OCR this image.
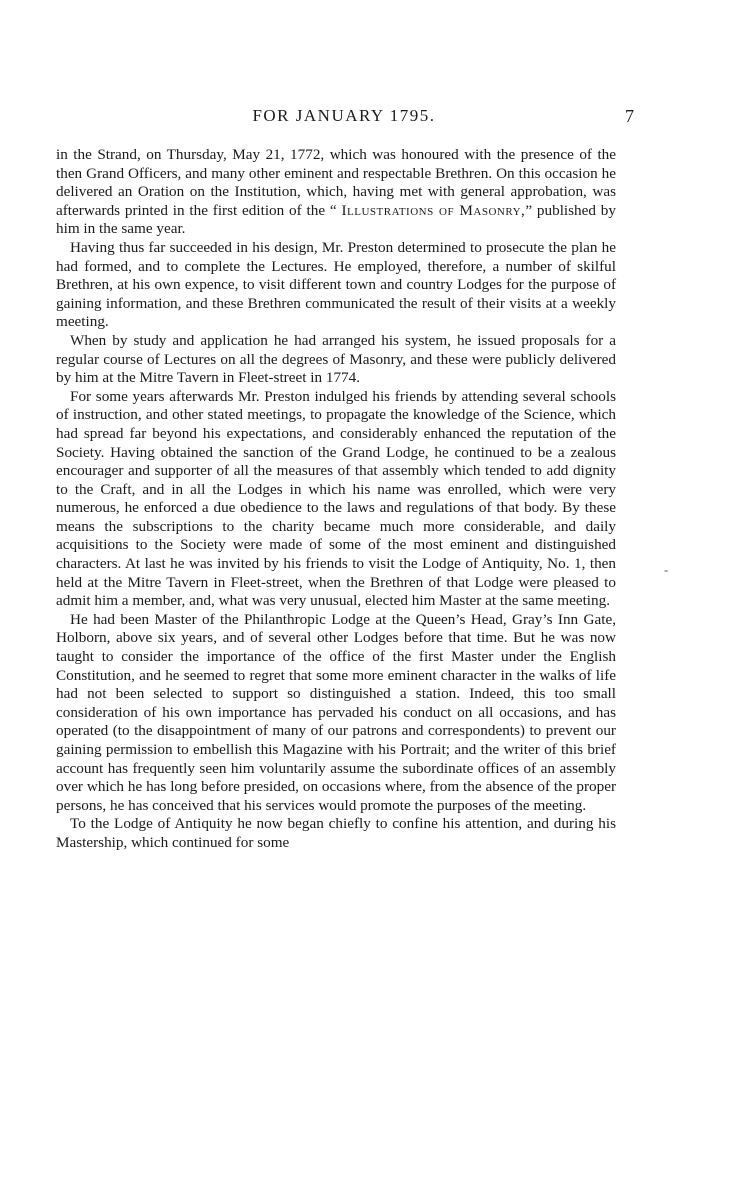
FOR JANUARY 1795.	7
-

in the Strand, on Thursday, May 21, 1772, which was honoured with the presence of the then Grand Officers, and many other eminent and respectable Brethren. On this occasion he delivered an Oration on the Institution, which, having met with general approbation, was afterwards printed in the first edition of the “ Illustrations of Masonry,” published by him in the same year.

Having thus far succeeded in his design, Mr. Preston determined to prosecute the plan he had formed, and to complete the Lectures. He employed, therefore, a number of skilful Brethren, at his own expence, to visit different town and country Lodges for the purpose of gaining information, and these Brethren communicated the result of their visits at a weekly meeting.

When by study and application he had arranged his system, he issued proposals for a regular course of Lectures on all the degrees of Masonry, and these were publicly delivered by him at the Mitre Tavern in Fleet-street in 1774.

For some years afterwards Mr. Preston indulged his friends by attending several schools of instruction, and other stated meetings, to propagate the knowledge of the Science, which had spread far beyond his expectations, and considerably enhanced the reputation of the Society. Having obtained the sanction of the Grand Lodge, he continued to be a zealous encourager and supporter of all the measures of that assembly which tended to add dignity to the Craft, and in all the Lodges in which his name was enrolled, which were very numerous, he enforced a due obedience to the laws and regulations of that body. By these means the subscriptions to the charity became much more considerable, and daily acquisitions to the Society were made of some of the most eminent and distinguished characters. At last he was invited by his friends to visit the Lodge of Antiquity, No. 1, then held at the Mitre Tavern in Fleet-street, when the Brethren of that Lodge were pleased to admit him a member, and, what was very unusual, elected him Master at the same meeting.

He had been Master of the Philanthropic Lodge at the Queen’s Head, Gray’s Inn Gate, Holborn, above six years, and of several other Lodges before that time. But he was now taught to consider the importance of the office of the first Master under the English Constitution, and he seemed to regret that some more eminent character in the walks of life had not been selected to support so distinguished a station. Indeed, this too small consideration of his own importance has pervaded his conduct on all occasions, and has operated (to the disappointment of many of our patrons and correspondents) to prevent our gaining permission to embellish this Magazine with his Portrait; and the writer of this brief account has frequently seen him voluntarily assume the subordinate offices of an assembly over which he has long before presided, on occasions where, from the absence of the proper persons, he has conceived that his services would promote the purposes of the meeting.

To the Lodge of Antiquity he now began chiefly to confine his attention, and during his Mastership, which continued for some
